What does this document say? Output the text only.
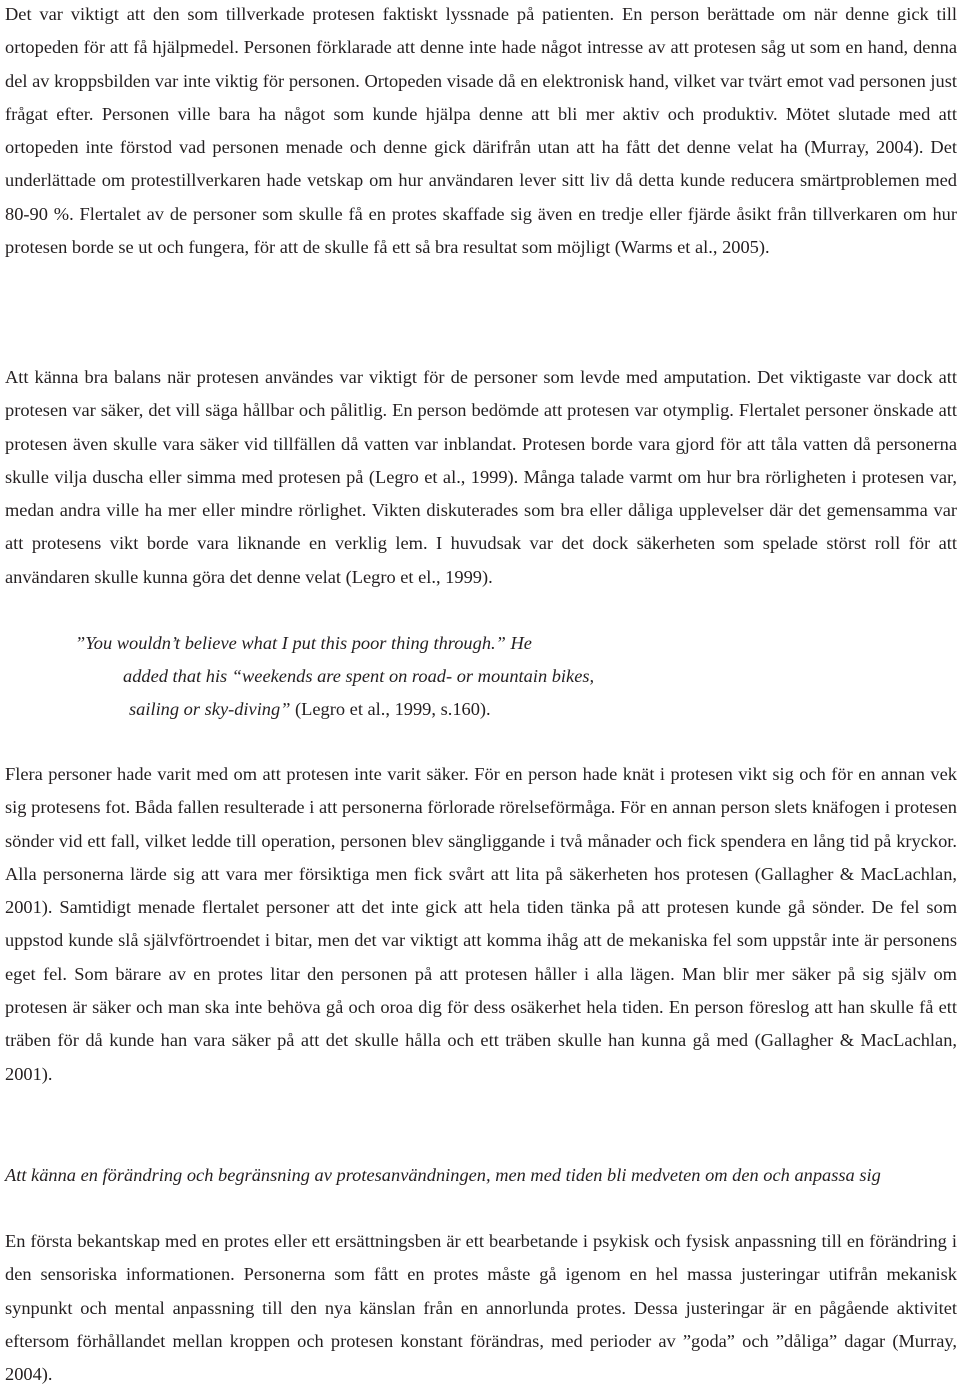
Det var viktigt att den som tillverkade protesen faktiskt lyssnade på patienten. En person berättade om när denne gick till ortopeden för att få hjälpmedel. Personen förklarade att denne inte hade något intresse av att protesen såg ut som en hand, denna del av kroppsbilden var inte viktig för personen. Ortopeden visade då en elektronisk hand, vilket var tvärt emot vad personen just frågat efter. Personen ville bara ha något som kunde hjälpa denne att bli mer aktiv och produktiv. Mötet slutade med att ortopeden inte förstod vad personen menade och denne gick därifrån utan att ha fått det denne velat ha (Murray, 2004). Det underlättade om protestillverkaren hade vetskap om hur användaren lever sitt liv då detta kunde reducera smärtproblemen med 80-90 %. Flertalet av de personer som skulle få en protes skaffade sig även en tredje eller fjärde åsikt från tillverkaren om hur protesen borde se ut och fungera, för att de skulle få ett så bra resultat som möjligt (Warms et al., 2005).

Att känna bra balans när protesen användes var viktigt för de personer som levde med amputation. Det viktigaste var dock att protesen var säker, det vill säga hållbar och pålitlig. En person bedömde att protesen var otymplig. Flertalet personer önskade att protesen även skulle vara säker vid tillfällen då vatten var inblandat. Protesen borde vara gjord för att tåla vatten då personerna skulle vilja duscha eller simma med protesen på (Legro et al., 1999). Många talade varmt om hur bra rörligheten i protesen var, medan andra ville ha mer eller mindre rörlighet. Vikten diskuterades som bra eller dåliga upplevelser där det gemensamma var att protesens vikt borde vara liknande en verklig lem. I huvudsak var det dock säkerheten som spelade störst roll för att användaren skulle kunna göra det denne velat (Legro et el., 1999).

”You wouldn’t believe what I put this poor thing through.” He

added that his “weekends are spent on road- or mountain bikes,

sailing or sky-diving” (Legro et al., 1999, s.160).

Flera personer hade varit med om att protesen inte varit säker. För en person hade knät i protesen vikt sig och för en annan vek sig protesens fot. Båda fallen resulterade i att personerna förlorade rörelseförmåga. För en annan person slets knäfogen i protesen sönder vid ett fall, vilket ledde till operation, personen blev sängliggande i två månader och fick spendera en lång tid på kryckor. Alla personerna lärde sig att vara mer försiktiga men fick svårt att lita på säkerheten hos protesen (Gallagher & MacLachlan, 2001). Samtidigt menade flertalet personer att det inte gick att hela tiden tänka på att protesen kunde gå sönder. De fel som uppstod kunde slå självförtroendet i bitar, men det var viktigt att komma ihåg att de mekaniska fel som uppstår inte är personens eget fel. Som bärare av en protes litar den personen på att protesen håller i alla lägen. Man blir mer säker på sig själv om protesen är säker och man ska inte behöva gå och oroa dig för dess osäkerhet hela tiden. En person föreslog att han skulle få ett träben för då kunde han vara säker på att det skulle hålla och ett träben skulle han kunna gå med (Gallagher & MacLachlan, 2001).

Att känna en förändring och begränsning av protesanvändningen, men med tiden bli medveten om den och anpassa sig

En första bekantskap med en protes eller ett ersättningsben är ett bearbetande i psykisk och fysisk anpassning till en förändring i den sensoriska informationen. Personerna som fått en protes måste gå igenom en hel massa justeringar utifrån mekanisk synpunkt och mental anpassning till den nya känslan från en annorlunda protes. Dessa justeringar är en pågående aktivitet eftersom förhållandet mellan kroppen och protesen konstant förändras, med perioder av ”goda” och ”dåliga” dagar (Murray, 2004).
